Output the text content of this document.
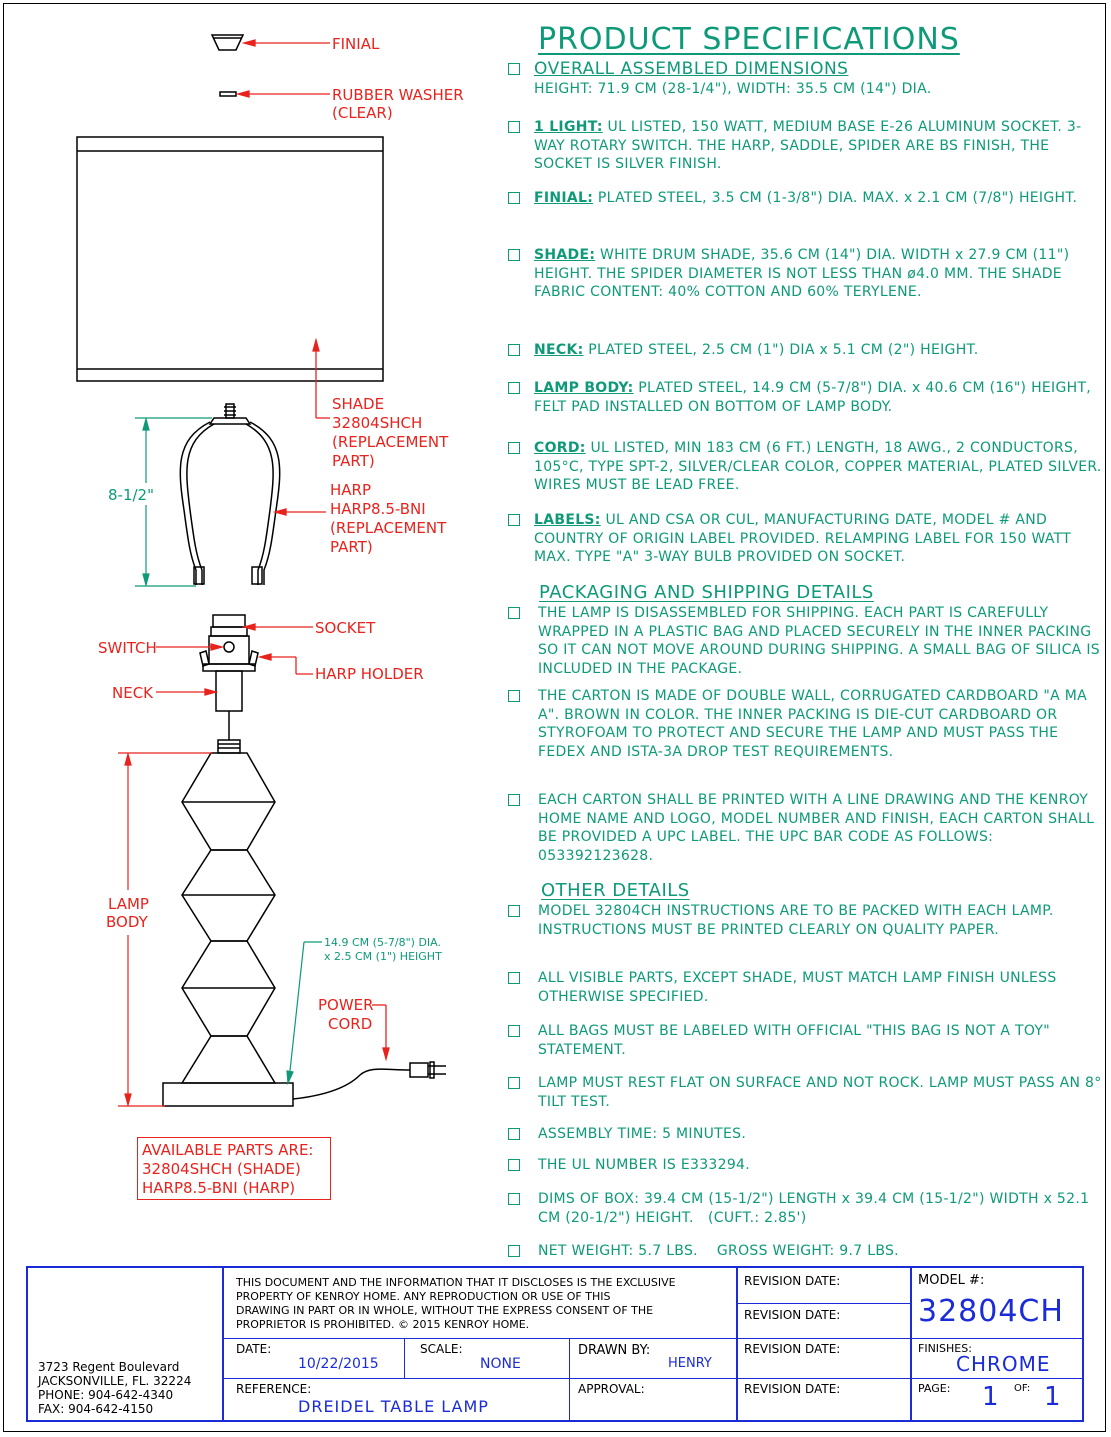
FINIAL
RUBBER WASHER
(CLEAR)
SHADE
32804SHCH
(REPLACEMENT
PART)
8-1/2"	HARP
HARP8.5-BNI
(REPLACEMENT
PART)
SOCKET
SWITCH
HARP HOLDER
NECK
LAMP
BODY
14.9 CM (5-7/8") DIA.
x 2.5 CM (1") HEIGHT
POWER
CORD
AVAILABLE PARTS ARE:
32804SHCH (SHADE)
HARP8.5-BNI (HARP)
PRODUCT SPECIFICATIONS
OVERALL ASSEMBLED DIMENSIONS
HEIGHT: 71.9 CM (28-1/4"), WIDTH: 35.5 CM (14") DIA.
1 LIGHT: UL LISTED, 150 WATT, MEDIUM BASE E-26 ALUMINUM SOCKET. 3-WAY ROTARY SWITCH. THE HARP, SADDLE, SPIDER ARE BS FINISH, THE SOCKET IS SILVER FINISH.
FINIAL: PLATED STEEL, 3.5 CM (1-3/8") DIA. MAX. x 2.1 CM (7/8") HEIGHT.
SHADE: WHITE DRUM SHADE, 35.6 CM (14") DIA. WIDTH x 27.9 CM (11") HEIGHT. THE SPIDER DIAMETER IS NOT LESS THAN ø4.0 MM. THE SHADE FABRIC CONTENT: 40% COTTON AND 60% TERYLENE.
NECK: PLATED STEEL, 2.5 CM (1") DIA x 5.1 CM (2") HEIGHT.
LAMP BODY: PLATED STEEL, 14.9 CM (5-7/8") DIA. x 40.6 CM (16") HEIGHT, FELT PAD INSTALLED ON BOTTOM OF LAMP BODY.
CORD: UL LISTED, MIN 183 CM (6 FT.) LENGTH, 18 AWG., 2 CONDUCTORS, 105°C, TYPE SPT-2, SILVER/CLEAR COLOR, COPPER MATERIAL, PLATED SILVER. WIRES MUST BE LEAD FREE.
LABELS: UL AND CSA OR CUL, MANUFACTURING DATE, MODEL # AND COUNTRY OF ORIGIN LABEL PROVIDED. RELAMPING LABEL FOR 150 WATT MAX. TYPE "A" 3-WAY BULB PROVIDED ON SOCKET.
PACKAGING AND SHIPPING DETAILS
THE LAMP IS DISASSEMBLED FOR SHIPPING. EACH PART IS CAREFULLY WRAPPED IN A PLASTIC BAG AND PLACED SECURELY IN THE INNER PACKING SO IT CAN NOT MOVE AROUND DURING SHIPPING. A SMALL BAG OF SILICA IS INCLUDED IN THE PACKAGE.
THE CARTON IS MADE OF DOUBLE WALL, CORRUGATED CARDBOARD "A MA A". BROWN IN COLOR. THE INNER PACKING IS DIE-CUT CARDBOARD OR STYROFOAM TO PROTECT AND SECURE THE LAMP AND MUST PASS THE FEDEX AND ISTA-3A DROP TEST REQUIREMENTS.
EACH CARTON SHALL BE PRINTED WITH A LINE DRAWING AND THE KENROY HOME NAME AND LOGO, MODEL NUMBER AND FINISH, EACH CARTON SHALL BE PROVIDED A UPC LABEL. THE UPC BAR CODE AS FOLLOWS: 053392123628.
OTHER DETAILS
MODEL 32804CH INSTRUCTIONS ARE TO BE PACKED WITH EACH LAMP. INSTRUCTIONS MUST BE PRINTED CLEARLY ON QUALITY PAPER.
ALL VISIBLE PARTS, EXCEPT SHADE, MUST MATCH LAMP FINISH UNLESS OTHERWISE SPECIFIED.
ALL BAGS MUST BE LABELED WITH OFFICIAL "THIS BAG IS NOT A TOY" STATEMENT.
LAMP MUST REST FLAT ON SURFACE AND NOT ROCK. LAMP MUST PASS AN 8° TILT TEST.
ASSEMBLY TIME: 5 MINUTES.
THE UL NUMBER IS E333294.
DIMS OF BOX: 39.4 CM (15-1/2") LENGTH x 39.4 CM (15-1/2") WIDTH x 52.1 CM (20-1/2") HEIGHT.   (CUFT.: 2.85')
NET WEIGHT: 5.7 LBS.    GROSS WEIGHT: 9.7 LBS.
3723 Regent Boulevard
JACKSONVILLE, FL. 32224
PHONE: 904-642-4340
FAX: 904-642-4150
THIS DOCUMENT AND THE INFORMATION THAT IT DISCLOSES IS THE EXCLUSIVE
PROPERTY OF KENROY HOME. ANY REPRODUCTION OR USE OF THIS
DRAWING IN PART OR IN WHOLE, WITHOUT THE EXPRESS CONSENT OF THE
PROPRIETOR IS PROHIBITED. © 2015 KENROY HOME.
DATE:
10/22/2015
SCALE:
NONE
DRAWN BY:
HENRY
REFERENCE:
DREIDEL TABLE LAMP
APPROVAL:
REVISION DATE:
REVISION DATE:
REVISION DATE:
REVISION DATE:
MODEL #:
32804CH
FINISHES:
CHROME
PAGE: 1 OF: 1
